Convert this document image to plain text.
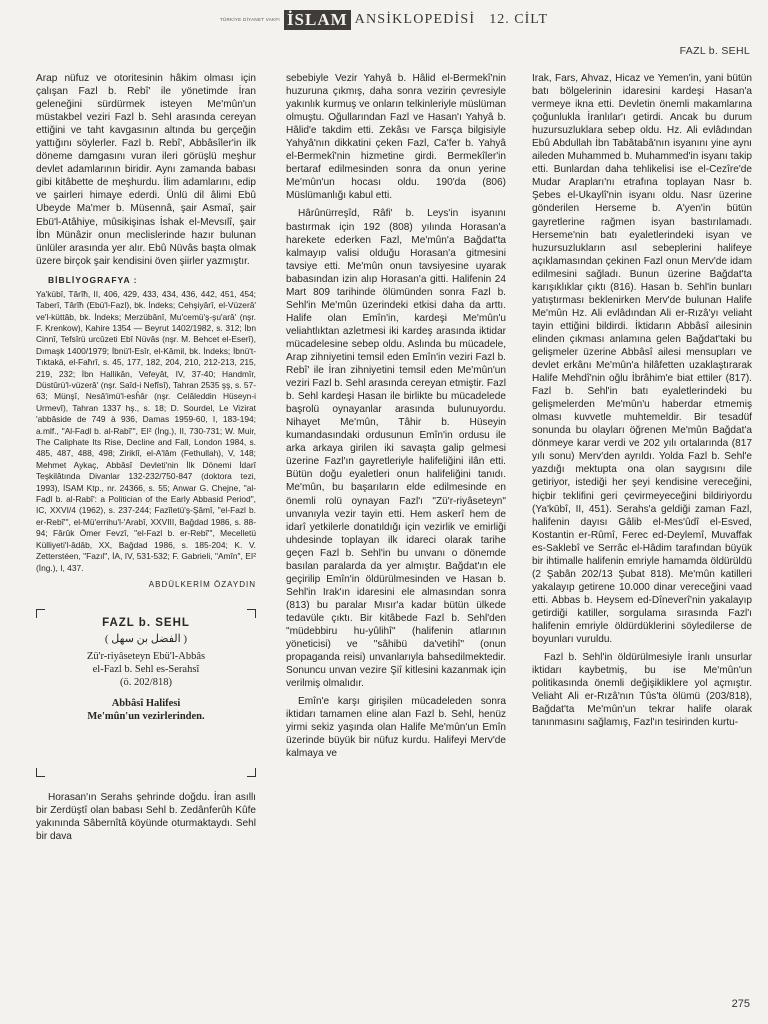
TÜRKİYE DİYANET VAKFI İSLAM ANSİKLOPEDİSİ 12. CİLT
FAZL b. SEHL

Arap nüfuz ve otoritesinin hâkim olması için çalışan Fazl b. Rebî' ile yönetimde İran geleneğini sürdürmek isteyen Me'mûn'un müstakbel veziri Fazl b. Sehl arasında cereyan ettiğini ve taht kavgasının altında bu gerçeğin yattığını söylerler. Fazl b. Rebî', Abbâsîler'in ilk döneme damgasını vuran ileri görüşlü meşhur devlet adamlarının biridir. Aynı zamanda babası gibi kitâbette de meşhurdu. İlim adamlarını, edip ve şairleri himaye ederdi. Ünlü dil âlimi Ebû Ubeyde Ma'mer b. Müsennâ, şair Asmaî, şair Ebü'l-Atâhiye, mûsikişinas İshak el-Mevsılî, şair İbn Münâzir onun meclislerinde hazır bulunan ünlüler arasında yer alır. Ebû Nüvâs başta olmak üzere birçok şair kendisini öven şiirler yazmıştır.

BİBLİYOGRAFYA :
Ya'kūbî, Târîħ, II, 406, 429, 433, 434, 436, 442, 451, 454; Taberî, Târîħ (Ebü'l-Fazl), bk. İndeks; Cehşiyârî, el-Vüzerâ' ve'l-küttâb, bk. İndeks; Merzübânî, Mu'cemü'ş-şu'arâ' (nşr. F. Krenkow), Kahire 1354 — Beyrut 1402/1982, s. 312; İbn Cinnî, Tefsîrü urcûzeti Ebî Nüvâs (nşr. M. Behcet el-Eserî), Dımaşk 1400/1979; İbnü'l-Esîr, el-Kâmil, bk. İndeks; İbnü't-Tıktakā, el-Faħrî, s. 45, 177, 182, 204, 210, 212-213, 215, 219, 232; İbn Hallikân, Vefeyât, IV, 37-40; Handmîr, Düstûrü'l-vüzerâ' (nşr. Saîd-i Nefîsî), Tahran 2535 şş, s. 57-63; Münşî, Nesâ'imü'l-esĥâr (nşr. Celâleddin Hüseyn-i Urmevî), Tahran 1337 hş., s. 18; D. Sourdel, Le Vizirat 'abbâside de 749 à 936, Damas 1959-60, I, 183-194; a.mlf., "Al-Faḍl b. al-Rabî'", EI² (İng.), II, 730-731; W. Muir, The Caliphate Its Rise, Decline and Fall, London 1984, s. 485, 487, 488, 498; Ziriklî, el-A'lâm (Fethullah), V, 148; Mehmet Aykaç, Abbâsî Devleti'nin İlk Dönemi İdarî Teşkilâtında Divanlar 132-232/750-847 (doktora tezi, 1993), İSAM Ktp., nr. 24366, s. 55; Anwar G. Chejne, "al-Faḍl b. al-Rabî': a Politician of the Early Abbasid Period", IC, XXVI/4 (1962), s. 237-244; Fazîletü'ş-Şâmî, "el-Fazl b. er-Rebî'", el-Mü'errihu'l-'Arabî, XXVIII, Bağdad 1986, s. 88-94; Fârûk Ömer Fevzî, "el-Fazl b. er-Rebî'", Mecelletü Külliyeti'l-âdâb, XX, Bağdad 1986, s. 185-204; K. V. Zetterstéen, "Fazıl", İA, IV, 531-532; F. Gabrieli, "Amîn", EI² (İng.), I, 437.
ABDÜLKERİM ÖZAYDIN
FAZL b. SEHL
( الفضل بن سهل )
Zü'r-riyâseteyn Ebü'l-Abbâs
el-Fazl b. Sehl es-Serahsî
(ö. 202/818)
Abbâsî Halifesi
Me'mûn'un vezirlerinden.

Horasan'ın Serahs şehrinde doğdu. İran asıllı bir Zerdüştî olan babası Sehl b. Zedânferûh Kûfe yakınında Sâbernîtâ köyünde oturmaktaydı. Sehl bir dava

sebebiyle Vezir Yahyâ b. Hâlid el-Bermekî'nin huzuruna çıkmış, daha sonra vezirin çevresiyle yakınlık kurmuş ve onların telkinleriyle müslüman olmuştu. Oğullarından Fazl ve Hasan'ı Yahyâ b. Hâlid'e takdim etti. Zekâsı ve Farsça bilgisiyle Yahyâ'nın dikkatini çeken Fazl, Ca'fer b. Yahyâ el-Bermekî'nin hizmetine girdi. Bermekîler'in bertaraf edilmesinden sonra da onun yerine Me'mûn'un hocası oldu. 190'da (806) Müslümanlığı kabul etti.

Hârûnürreşîd, Râfi' b. Leys'in isyanını bastırmak için 192 (808) yılında Horasan'a harekete ederken Fazl, Me'mûn'a Bağdat'ta kalmayıp valisi olduğu Horasan'a gitmesini tavsiye etti. Me'mûn onun tavsiyesine uyarak babasından izin alıp Horasan'a gitti. Halifenin 24 Mart 809 tarihinde ölümünden sonra Fazl b. Sehl'in Me'mûn üzerindeki etkisi daha da arttı. Halife olan Emîn'in, kardeşi Me'mûn'u veliahtlıktan azletmesi iki kardeş arasında iktidar mücadelesine sebep oldu. Aslında bu mücadele, Arap zihniyetini temsil eden Emîn'in veziri Fazl b. Rebî' ile İran zihniyetini temsil eden Me'mûn'un veziri Fazl b. Sehl arasında cereyan etmiştir. Fazl b. Sehl kardeşi Hasan ile birlikte bu mücadelede başrolü oynayanlar arasında bulunuyordu. Nihayet Me'mûn, Tâhir b. Hüseyin kumandasındaki ordusunun Emîn'in ordusu ile arka arkaya girilen iki savaşta galip gelmesi üzerine Fazl'ın gayretleriyle halifeliğini ilân etti. Bütün doğu eyaletleri onun halifeliğini tanıdı. Me'mûn, bu başarıların elde edilmesinde en önemli rolü oynayan Fazl'ı "Zü'r-riyâseteyn" unvanıyla vezir tayin etti. Hem askerî hem de idarî yetkilerle donatıldığı için vezirlik ve emirliği uhdesinde toplayan ilk idareci olarak tarihe geçen Fazl b. Sehl'in bu unvanı o dönemde basılan paralarda da yer almıştır. Bağdat'ın ele geçirilip Emîn'in öldürülmesinden ve Hasan b. Sehl'in Irak'ın idaresini ele almasından sonra (813) bu paralar Mısır'a kadar bütün ülkede tedavüle çıktı. Bir kitâbede Fazl b. Sehl'den "müdebbiru hu-yûlihî" (halifenin atlarının yöneticisi) ve "sâhibü da'vetihî" (onun propaganda reisi) unvanlarıyla bahsedilmektedir. Sonuncu unvan vezire Şiî kitlesini kazanmak için verilmiş olmalıdır.

Emîn'e karşı girişilen mücadeleden sonra iktidarı tamamen eline alan Fazl b. Sehl, henüz yirmi sekiz yaşında olan Halife Me'mûn'un Emîn üzerinde büyük bir nüfuz kurdu. Halifeyi Merv'de kalmaya ve

Irak, Fars, Ahvaz, Hicaz ve Yemen'in, yani bütün batı bölgelerinin idaresini kardeşi Hasan'a vermeye ikna etti. Devletin önemli makamlarına çoğunlukla İranlılar'ı getirdi. Ancak bu durum huzursuzluklara sebep oldu. Hz. Ali evlâdından Ebû Abdullah İbn Tabâtabâ'nın isyanını yine aynı aileden Muhammed b. Muhammed'in isyanı takip etti. Bunlardan daha tehlikelisi ise el-Cezîre'de Mudar Arapları'nı etrafına toplayan Nasr b. Şebes el-Ukaylî'nin isyanı oldu. Nasr üzerine gönderilen Herseme b. A'yen'in bütün gayretlerine rağmen isyan bastırılamadı. Herseme'nin batı eyaletlerindeki isyan ve huzursuzlukların asıl sebeplerini halifeye açıklamasından çekinen Fazl onun Merv'de idam edilmesini sağladı. Bunun üzerine Bağdat'ta karışıklıklar çıktı (816). Hasan b. Sehl'in bunları yatıştırması beklenirken Merv'de bulunan Halife Me'mûn Hz. Ali evlâdından Ali er-Rızâ'yı veliaht tayin ettiğini bildirdi. İktidarın Abbâsî ailesinin elinden çıkması anlamına gelen Bağdat'taki bu gelişmeler üzerine Abbâsî ailesi mensupları ve devlet erkânı Me'mûn'a hilâfetten uzaklaştırarak Halife Mehdî'nin oğlu İbrâhim'e biat ettiler (817). Fazl b. Sehl'in batı eyaletlerindeki bu gelişmelerden Me'mûn'u haberdar etmemiş olması kuvvetle muhtemeldir. Bir tesadüf sonunda bu olayları öğrenen Me'mûn Bağdat'a dönmeye karar verdi ve 202 yılı ortalarında (817 yılı sonu) Merv'den ayrıldı. Yolda Fazl b. Sehl'e yazdığı mektupta ona olan saygısını dile getiriyor, istediği her şeyi kendisine vereceğini, hiçbir teklifini geri çevirmeyeceğini bildiriyordu (Ya'kūbî, II, 451). Serahs'a geldiği zaman Fazl, halifenin dayısı Gâlib el-Mes'ûdî el-Esved, Kostantin er-Rûmî, Ferec ed-Deylemî, Muvaffak es-Saklebî ve Serrâc el-Hâdim tarafından büyük bir ihtimalle halifenin emriyle hamamda öldürüldü (2 Şabân 202/13 Şubat 818). Me'mûn katilleri yakalayıp getirene 10.000 dinar vereceğini vaad etti. Abbas b. Heysem ed-Dîneverî'nin yakalayıp getirdiği katiller, sorgulama sırasında Fazl'ı halifenin emriyle öldürdüklerini söyledilerse de boyunları vuruldu.

Fazl b. Sehl'in öldürülmesiyle İranlı unsurlar iktidarı kaybetmiş, bu ise Me'mûn'un politikasında önemli değişikliklere yol açmıştır. Veliaht Ali er-Rızâ'nın Tûs'ta ölümü (203/818), Bağdat'ta Me'mûn'un tekrar halife olarak tanınmasını sağlamış, Fazl'ın tesirinden kurtu-

275
